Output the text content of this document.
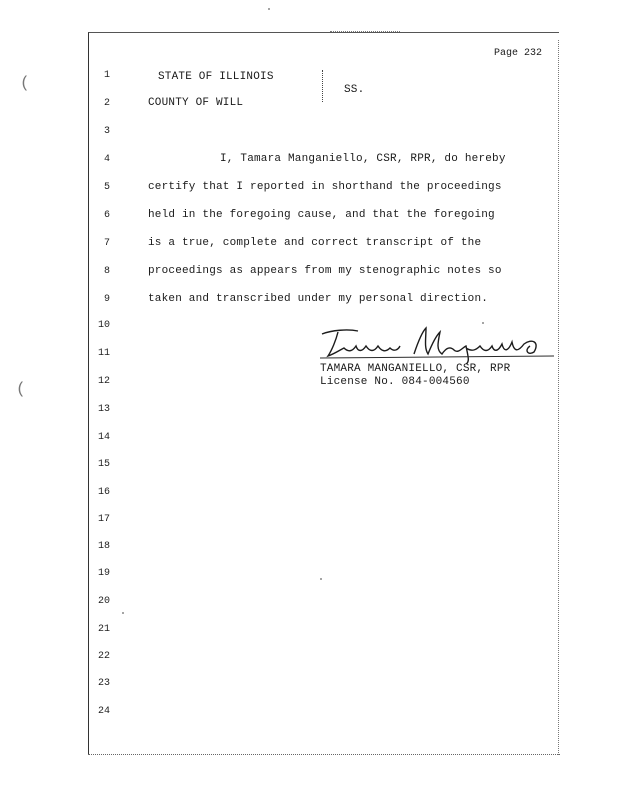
(
(
Page 232
1
2
3
4
5
6
7
8
9
10
11
12
13
14
15
16
17
18
19
20
21
22
23
24
STATE OF ILLINOIS
COUNTY OF WILL
SS.
I, Tamara Manganiello, CSR, RPR, do hereby
certify that I reported in shorthand the proceedings
held in the foregoing cause, and that the foregoing
is a true, complete and correct transcript of the
proceedings as appears from my stenographic notes so
taken and transcribed under my personal direction.
TAMARA MANGANIELLO, CSR, RPR
License No. 084-004560
